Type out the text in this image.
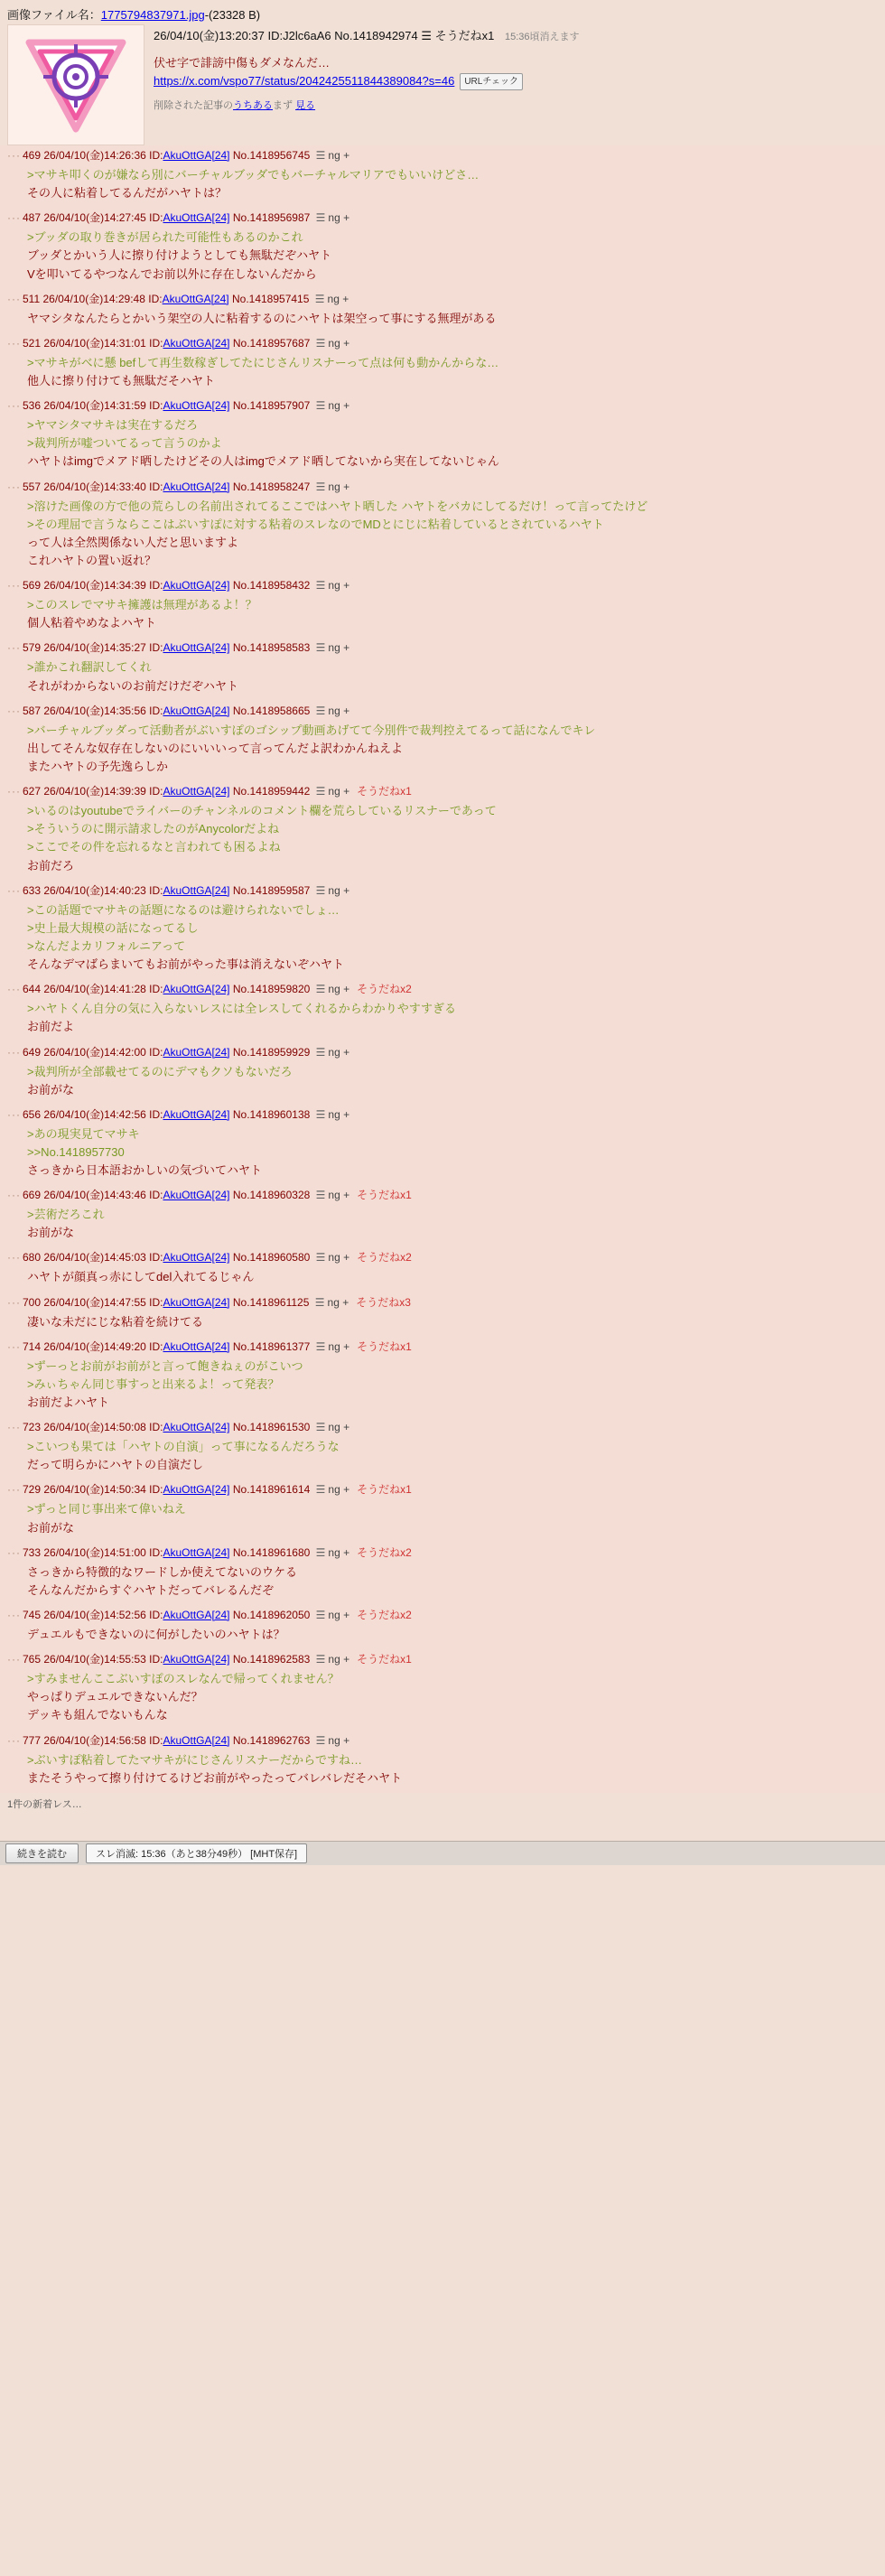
画像ファイル名：1775794837971.jpg-(23328 B)
26/04/10(金)13:20:37 ID:J2lc6aA6 No.1418942974 ☰ そうだねx1 15:36頃消えます
伏せ字で誹謗中傷もダメなんだ…
https://x.com/vspo77/status/2042425511844389084?s=46 URLチェック
削除された記事のうちあるまず 見る
··· 469 26/04/10(金)14:26:36 ID:AkuOttGA[24] No.1418956745 ☰ ng +
>マサキ叩くのが嫌なら別にバーチャルブッダでもバーチャルマリアでもいいけどさ…
その人に粘着してるんだがハヤトは？
··· 487 26/04/10(金)14:27:45 ID:AkuOttGA[24] No.1418956987 ☰ ng +
>ブッダの取り巻きが居られた可能性もあるのかこれ
ブッダとかいう人に擦り付けようとしても無駄だぞハヤト
Vを叩いてるやつなんでお前以外に存在しないんだから
··· 511 26/04/10(金)14:29:48 ID:AkuOttGA[24] No.1418957415 ☰ ng +
ヤマシタなんたらとかいう架空の人に粘着するのにハヤトは架空って事にする無理がある
··· 521 26/04/10(金)14:31:01 ID:AkuOttGA[24] No.1418957687 ☰ ng +
>マサキがベに懸 befして再生数稼ぎしてたにじさんリスナーって点は何も動かんからな…
他人に擦り付けても無駄だそハヤト
··· 536 26/04/10(金)14:31:59 ID:AkuOttGA[24] No.1418957907 ☰ ng +
>ヤマシタマサキは実在するだろ
>裁判所が嘘ついてるって言うのかよ
ハヤトはimgでメアド晒したけどその人はimgでメアド晒してないから実在してないじゃん
··· 557 26/04/10(金)14:33:40 ID:AkuOttGA[24] No.1418958247 ☰ ng +
>溶けた画像の方で他の荒らしの名前出されてるここではハヤト晒した ハヤトをバカにしてるだけ！って言ってたけど
>その理屈で言うならここはぶいすぽに対する粘着のスレなのでMDとにじに粘着しているとされているハヤト
って人は全然関係ない人だと思いますよ
これハヤトの置い返れ？
··· 569 26/04/10(金)14:34:39 ID:AkuOttGA[24] No.1418958432 ☰ ng +
>このスレでマサキ擁護は無理があるよ！？
個人粘着やめなよハヤト
··· 579 26/04/10(金)14:35:27 ID:AkuOttGA[24] No.1418958583 ☰ ng +
>誰かこれ翻訳してくれ
それがわからないのお前だけだぞハヤト
··· 587 26/04/10(金)14:35:56 ID:AkuOttGA[24] No.1418958665 ☰ ng +
>バーチャルブッダって活動者がぶいすぽのゴシップ動画あげてて今別件で裁判控えてるって話になんでキレ
出してそんな奴存在しないのにいいいって言ってんだよ訳わかんねえよ
またハヤトの予先逸らしか
··· 627 26/04/10(金)14:39:39 ID:AkuOttGA[24] No.1418959442 ☰ ng + そうだねx1
>いるのはyoutubeでライバーのチャンネルのコメント欄を荒らしているリスナーであって
>そういうのに開示請求したのがAnycolorだよね
>ここでその件を忘れるなと言われても困るよね
お前だろ
··· 633 26/04/10(金)14:40:23 ID:AkuOttGA[24] No.1418959587 ☰ ng +
>この話題でマサキの話題になるのは避けられないでしょ…
>史上最大規模の話になってるし
>なんだよカリフォルニアって
そんなデマばらまいてもお前がやった事は消えないぞハヤト
··· 644 26/04/10(金)14:41:28 ID:AkuOttGA[24] No.1418959820 ☰ ng + そうだねx2
>ハヤトくん自分の気に入らないレスには全レスしてくれるからわかりやすすぎる
お前だよ
··· 649 26/04/10(金)14:42:00 ID:AkuOttGA[24] No.1418959929 ☰ ng +
>裁判所が全部載せてるのにデマもクソもないだろ
お前がな
··· 656 26/04/10(金)14:42:56 ID:AkuOttGA[24] No.1418960138 ☰ ng +
>あの現実見てマサキ
>>No.1418957730
さっきから日本語おかしいの気づいてハヤト
··· 669 26/04/10(金)14:43:46 ID:AkuOttGA[24] No.1418960328 ☰ ng + そうだねx1
>芸術だろこれ
お前がな
··· 680 26/04/10(金)14:45:03 ID:AkuOttGA[24] No.1418960580 ☰ ng + そうだねx2
ハヤトが顔真っ赤にしてdel入れてるじゃん
··· 700 26/04/10(金)14:47:55 ID:AkuOttGA[24] No.1418961125 ☰ ng + そうだねx3
凄いな未だにじな粘着を続けてる
··· 714 26/04/10(金)14:49:20 ID:AkuOttGA[24] No.1418961377 ☰ ng + そうだねx1
>ずーっとお前がお前がと言って飽きねぇのがこいつ
>みぃちゃん同じ事すっと出来るよ！って発表？
お前だよハヤト
··· 723 26/04/10(金)14:50:08 ID:AkuOttGA[24] No.1418961530 ☰ ng +
>こいつも果ては「ハヤトの自演」って事になるんだろうな
だって明らかにハヤトの自演だし
··· 729 26/04/10(金)14:50:34 ID:AkuOttGA[24] No.1418961614 ☰ ng + そうだねx1
>ずっと同じ事出来て偉いねえ
お前がな
··· 733 26/04/10(金)14:51:00 ID:AkuOttGA[24] No.1418961680 ☰ ng + そうだねx2
さっきから特徴的なワードしか使えてないのウケる
そんなんだからすぐハヤトだってバレるんだぞ
··· 745 26/04/10(金)14:52:56 ID:AkuOttGA[24] No.1418962050 ☰ ng + そうだねx2
デュエルもできないのに何がしたいのハヤトは？
··· 765 26/04/10(金)14:55:53 ID:AkuOttGA[24] No.1418962583 ☰ ng + そうだねx1
>すみませんここぶいすぽのスレなんで帰ってくれません？
やっぱりデュエルできないんだ？
デッキも組んでないもんな
··· 777 26/04/10(金)14:56:58 ID:AkuOttGA[24] No.1418962763 ☰ ng +
>ぶいすぽ粘着してたマサキがにじさんリスナーだからですね…
またそうやって擦り付けてるけどお前がやったってバレバレだそハヤト
1件の新着レス…
続きを読む	スレ消滅: 15:36（あと38分49秒） [MHT保存]
